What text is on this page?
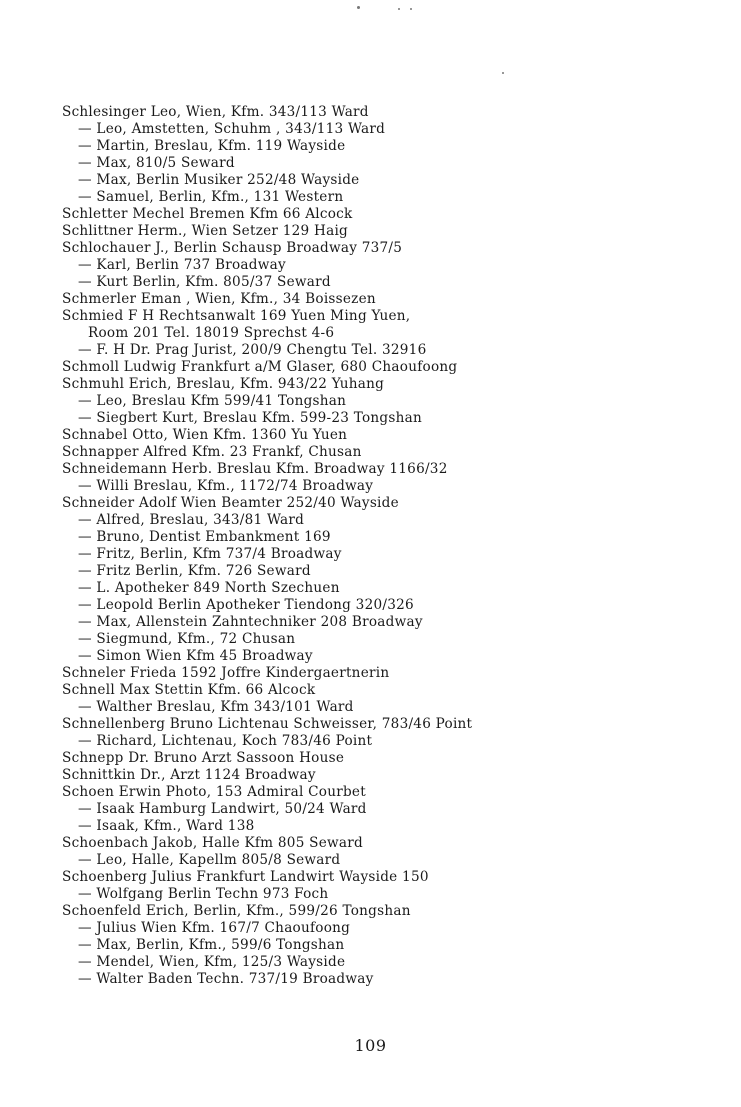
Schlesinger Leo, Wien, Kfm. 343/113 Ward
— Leo, Amstetten, Schuhm , 343/113 Ward
— Martin, Breslau, Kfm. 119 Wayside
— Max, 810/5 Seward
— Max, Berlin Musiker 252/48 Wayside
— Samuel, Berlin, Kfm., 131 Western
Schletter Mechel Bremen Kfm 66 Alcock
Schlittner Herm., Wien Setzer 129 Haig
Schlochauer J., Berlin Schausp Broadway 737/5
— Karl, Berlin 737 Broadway
— Kurt Berlin, Kfm. 805/37 Seward
Schmerler Eman , Wien, Kfm., 34 Boissezen
Schmied F H Rechtsanwalt 169 Yuen Ming Yuen,
Room 201 Tel. 18019 Sprechst 4-6
— F. H Dr. Prag Jurist, 200/9 Chengtu Tel. 32916
Schmoll Ludwig Frankfurt a/M Glaser, 680 Chaoufoong
Schmuhl Erich, Breslau, Kfm. 943/22 Yuhang
— Leo, Breslau Kfm 599/41 Tongshan
— Siegbert Kurt, Breslau Kfm. 599-23 Tongshan
Schnabel Otto, Wien Kfm. 1360 Yu Yuen
Schnapper Alfred Kfm. 23 Frankf, Chusan
Schneidemann Herb. Breslau Kfm. Broadway 1166/32
— Willi Breslau, Kfm., 1172/74 Broadway
Schneider Adolf Wien Beamter 252/40 Wayside
— Alfred, Breslau, 343/81 Ward
— Bruno, Dentist Embankment 169
— Fritz, Berlin, Kfm 737/4 Broadway
— Fritz Berlin, Kfm. 726 Seward
— L. Apotheker 849 North Szechuen
— Leopold Berlin Apotheker Tiendong 320/326
— Max, Allenstein Zahntechniker 208 Broadway
— Siegmund, Kfm., 72 Chusan
— Simon Wien Kfm 45 Broadway
Schneler Frieda 1592 Joffre Kindergaertnerin
Schnell Max Stettin Kfm. 66 Alcock
— Walther Breslau, Kfm 343/101 Ward
Schnellenberg Bruno Lichtenau Schweisser, 783/46 Point
— Richard, Lichtenau, Koch 783/46 Point
Schnepp Dr. Bruno Arzt Sassoon House
Schnittkin Dr., Arzt 1124 Broadway
Schoen Erwin Photo, 153 Admiral Courbet
— Isaak Hamburg Landwirt, 50/24 Ward
— Isaak, Kfm., Ward 138
Schoenbach Jakob, Halle Kfm 805 Seward
— Leo, Halle, Kapellm 805/8 Seward
Schoenberg Julius Frankfurt Landwirt Wayside 150
— Wolfgang Berlin Techn 973 Foch
Schoenfeld Erich, Berlin, Kfm., 599/26 Tongshan
— Julius Wien Kfm. 167/7 Chaoufoong
— Max, Berlin, Kfm., 599/6 Tongshan
— Mendel, Wien, Kfm, 125/3 Wayside
— Walter Baden Techn. 737/19 Broadway
109
